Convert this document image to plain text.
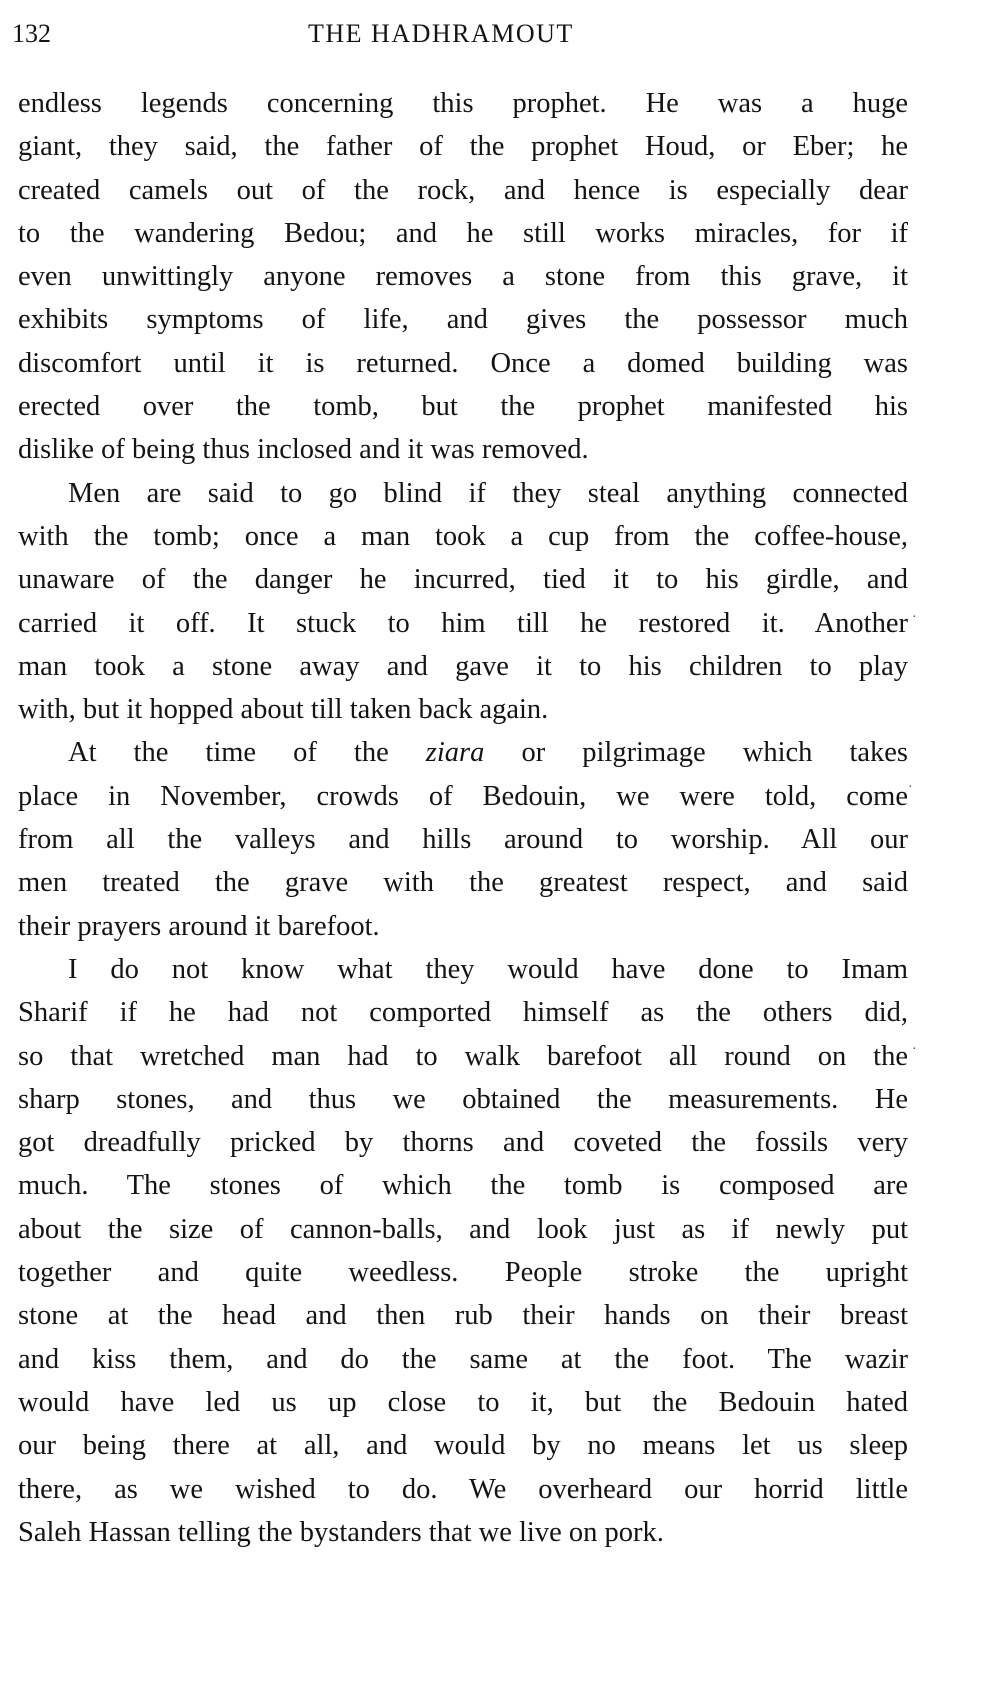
132	THE HADHRAMOUT
endless legends concerning this prophet. He was a huge
giant, they said, the father of the prophet Houd, or Eber; he
created camels out of the rock, and hence is especially dear
to the wandering Bedou; and he still works miracles, for if
even unwittingly anyone removes a stone from this grave, it
exhibits symptoms of life, and gives the possessor much
discomfort until it is returned. Once a domed building was
erected over the tomb, but the prophet manifested his
dislike of being thus inclosed and it was removed.
Men are said to go blind if they steal anything connected
with the tomb; once a man took a cup from the coffee-house,
unaware of the danger he incurred, tied it to his girdle, and
carried it off. It stuck to him till he restored it. Another
man took a stone away and gave it to his children to play
with, but it hopped about till taken back again.
At the time of the ziara or pilgrimage which takes
place in November, crowds of Bedouin, we were told, come
from all the valleys and hills around to worship. All our
men treated the grave with the greatest respect, and said
their prayers around it barefoot.
I do not know what they would have done to Imam
Sharif if he had not comported himself as the others did,
so that wretched man had to walk barefoot all round on the
sharp stones, and thus we obtained the measurements. He
got dreadfully pricked by thorns and coveted the fossils very
much. The stones of which the tomb is composed are
about the size of cannon-balls, and look just as if newly put
together and quite weedless. People stroke the upright
stone at the head and then rub their hands on their breast
and kiss them, and do the same at the foot. The wazir
would have led us up close to it, but the Bedouin hated
our being there at all, and would by no means let us sleep
there, as we wished to do. We overheard our horrid little
Saleh Hassan telling the bystanders that we live on pork.
·
·
·
